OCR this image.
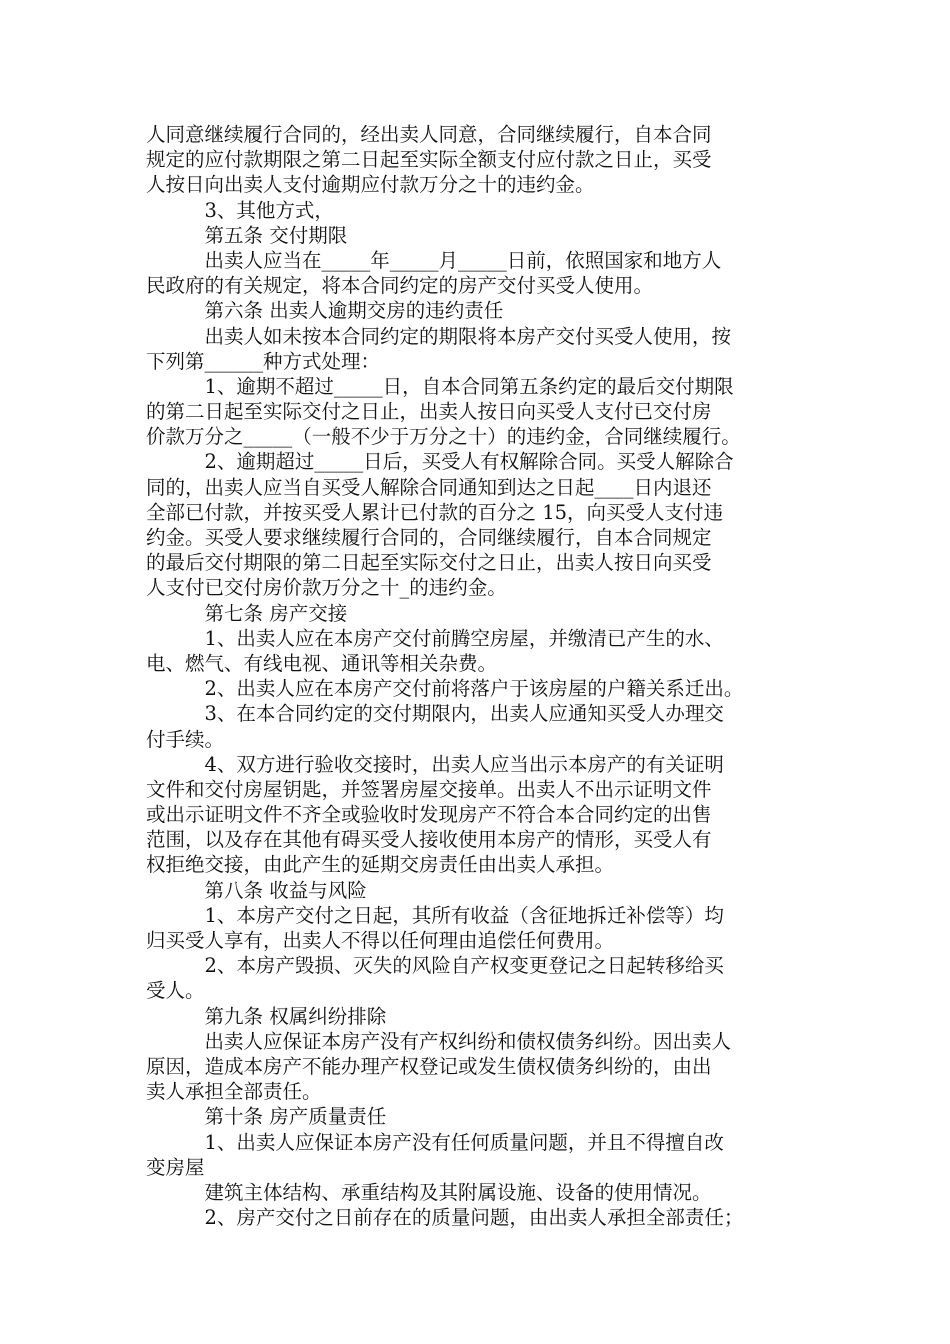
人同意继续履行合同的，经出卖人同意，合同继续履行，自本合同
规定的应付款期限之第二日起至实际全额支付应付款之日止，买受
人按日向出卖人支付逾期应付款万分之十的违约金。
　　　3、其他方式，
　　　第五条 交付期限
　　　出卖人应当在_____年_____月_____日前，依照国家和地方人
民政府的有关规定，将本合同约定的房产交付买受人使用。
　　　第六条 出卖人逾期交房的违约责任
　　　出卖人如未按本合同约定的期限将本房产交付买受人使用，按
下列第______种方式处理：
　　　1、逾期不超过_____日，自本合同第五条约定的最后交付期限
的第二日起至实际交付之日止，出卖人按日向买受人支付已交付房
价款万分之_____（一般不少于万分之十）的违约金，合同继续履行。
　　　2、逾期超过_____日后，买受人有权解除合同。买受人解除合
同的，出卖人应当自买受人解除合同通知到达之日起____日内退还
全部已付款，并按买受人累计已付款的百分之 15，向买受人支付违
约金。买受人要求继续履行合同的，合同继续履行，自本合同规定
的最后交付期限的第二日起至实际交付之日止，出卖人按日向买受
人支付已交付房价款万分之十_的违约金。
　　　第七条 房产交接
　　　1、出卖人应在本房产交付前腾空房屋，并缴清已产生的水、
电、燃气、有线电视、通讯等相关杂费。
　　　2、出卖人应在本房产交付前将落户于该房屋的户籍关系迁出。
　　　3、在本合同约定的交付期限内，出卖人应通知买受人办理交
付手续。
　　　4、双方进行验收交接时，出卖人应当出示本房产的有关证明
文件和交付房屋钥匙，并签署房屋交接单。出卖人不出示证明文件
或出示证明文件不齐全或验收时发现房产不符合本合同约定的出售
范围，以及存在其他有碍买受人接收使用本房产的情形，买受人有
权拒绝交接，由此产生的延期交房责任由出卖人承担。
　　　第八条 收益与风险
　　　1、本房产交付之日起，其所有收益（含征地拆迁补偿等）均
归买受人享有，出卖人不得以任何理由追偿任何费用。
　　　2、本房产毁损、灭失的风险自产权变更登记之日起转移给买
受人。
　　　第九条 权属纠纷排除
　　　出卖人应保证本房产没有产权纠纷和债权债务纠纷。因出卖人
原因，造成本房产不能办理产权登记或发生债权债务纠纷的，由出
卖人承担全部责任。
　　　第十条 房产质量责任
　　　1、出卖人应保证本房产没有任何质量问题，并且不得擅自改
变房屋
　　　建筑主体结构、承重结构及其附属设施、设备的使用情况。
　　　2、房产交付之日前存在的质量问题，由出卖人承担全部责任；
